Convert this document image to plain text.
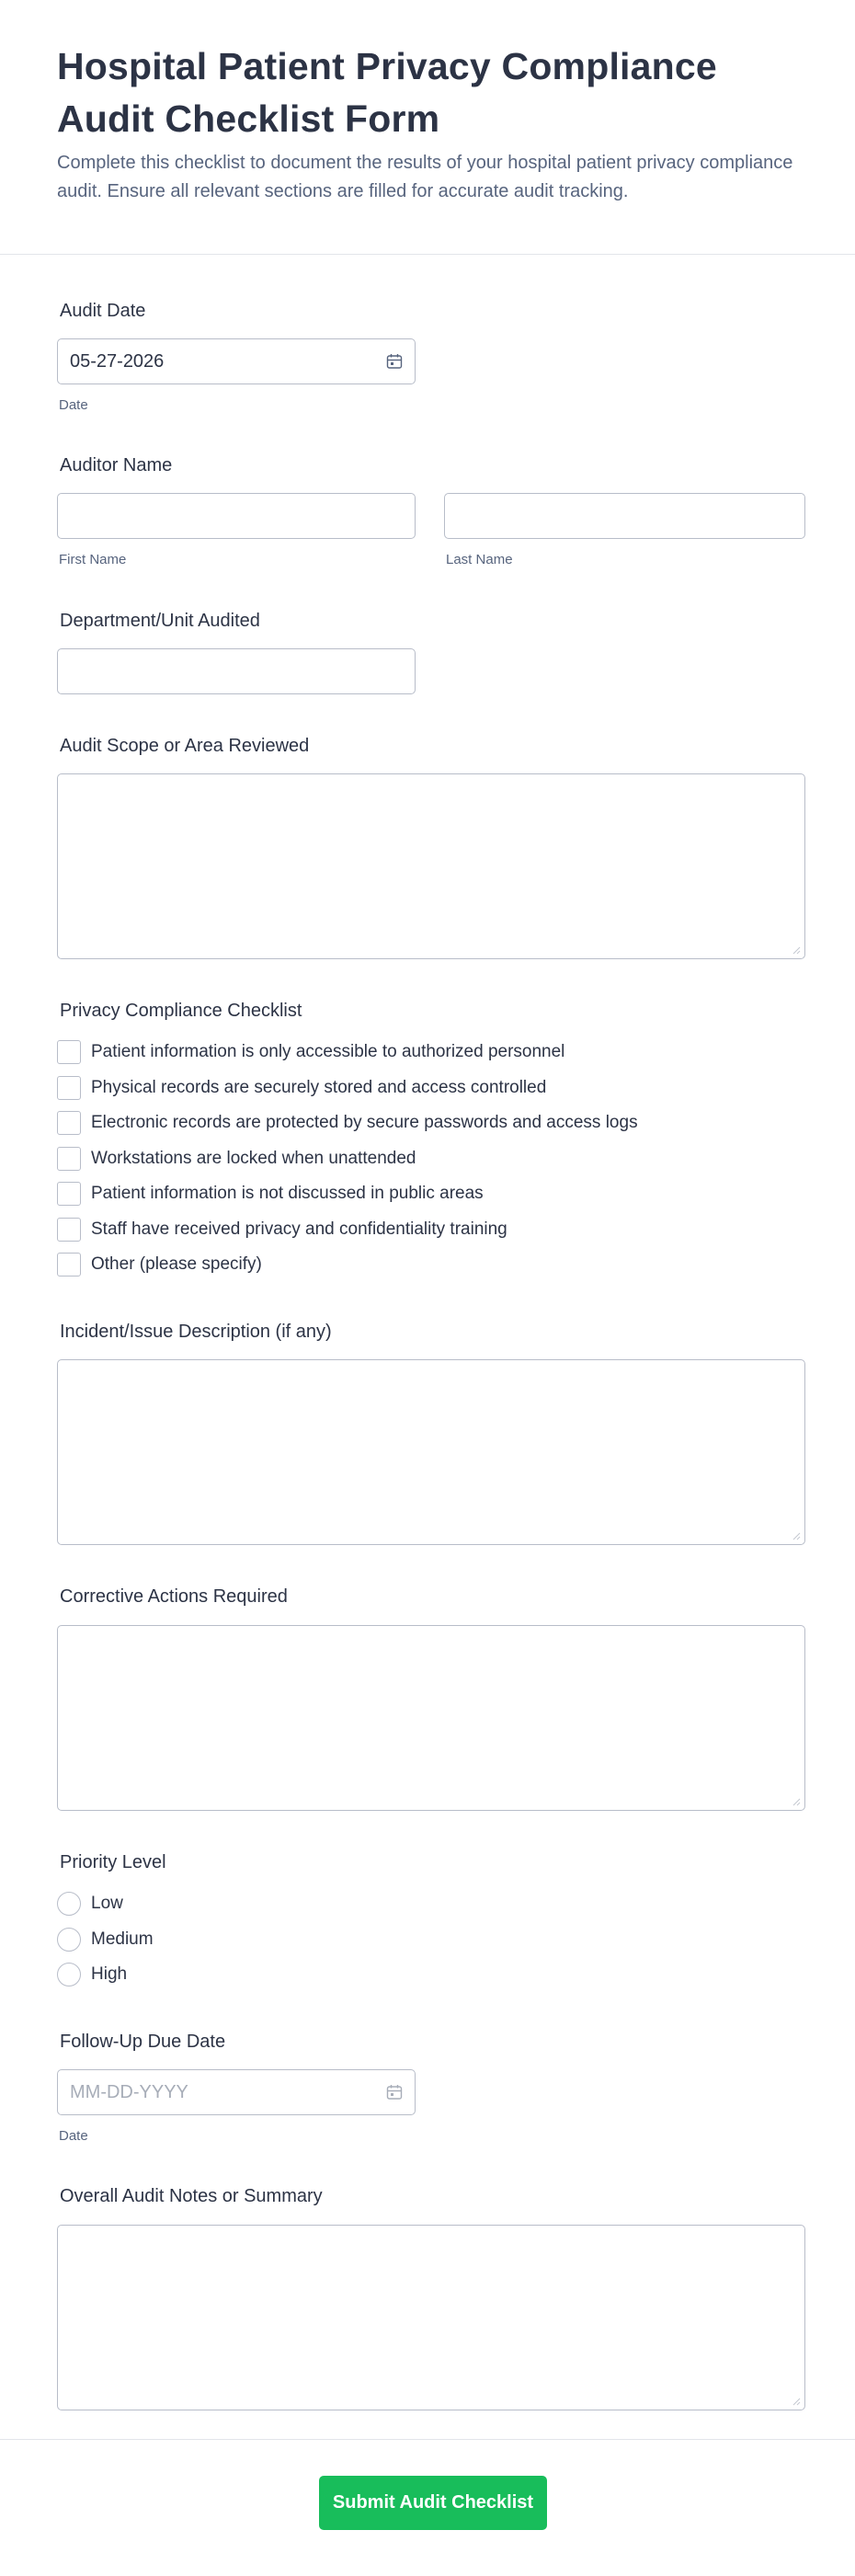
Hospital Patient Privacy Compliance Audit Checklist Form
Complete this checklist to document the results of your hospital patient privacy compliance audit. Ensure all relevant sections are filled for accurate audit tracking.
Audit Date
05-27-2026
Date
Auditor Name
First Name	Last Name
Department/Unit Audited
Audit Scope or Area Reviewed
Privacy Compliance Checklist
Patient information is only accessible to authorized personnel
Physical records are securely stored and access controlled
Electronic records are protected by secure passwords and access logs
Workstations are locked when unattended
Patient information is not discussed in public areas
Staff have received privacy and confidentiality training
Other (please specify)
Incident/Issue Description (if any)
Corrective Actions Required
Priority Level
Low
Medium
High
Follow-Up Due Date
MM-DD-YYYY
Date
Overall Audit Notes or Summary
Submit Audit Checklist
